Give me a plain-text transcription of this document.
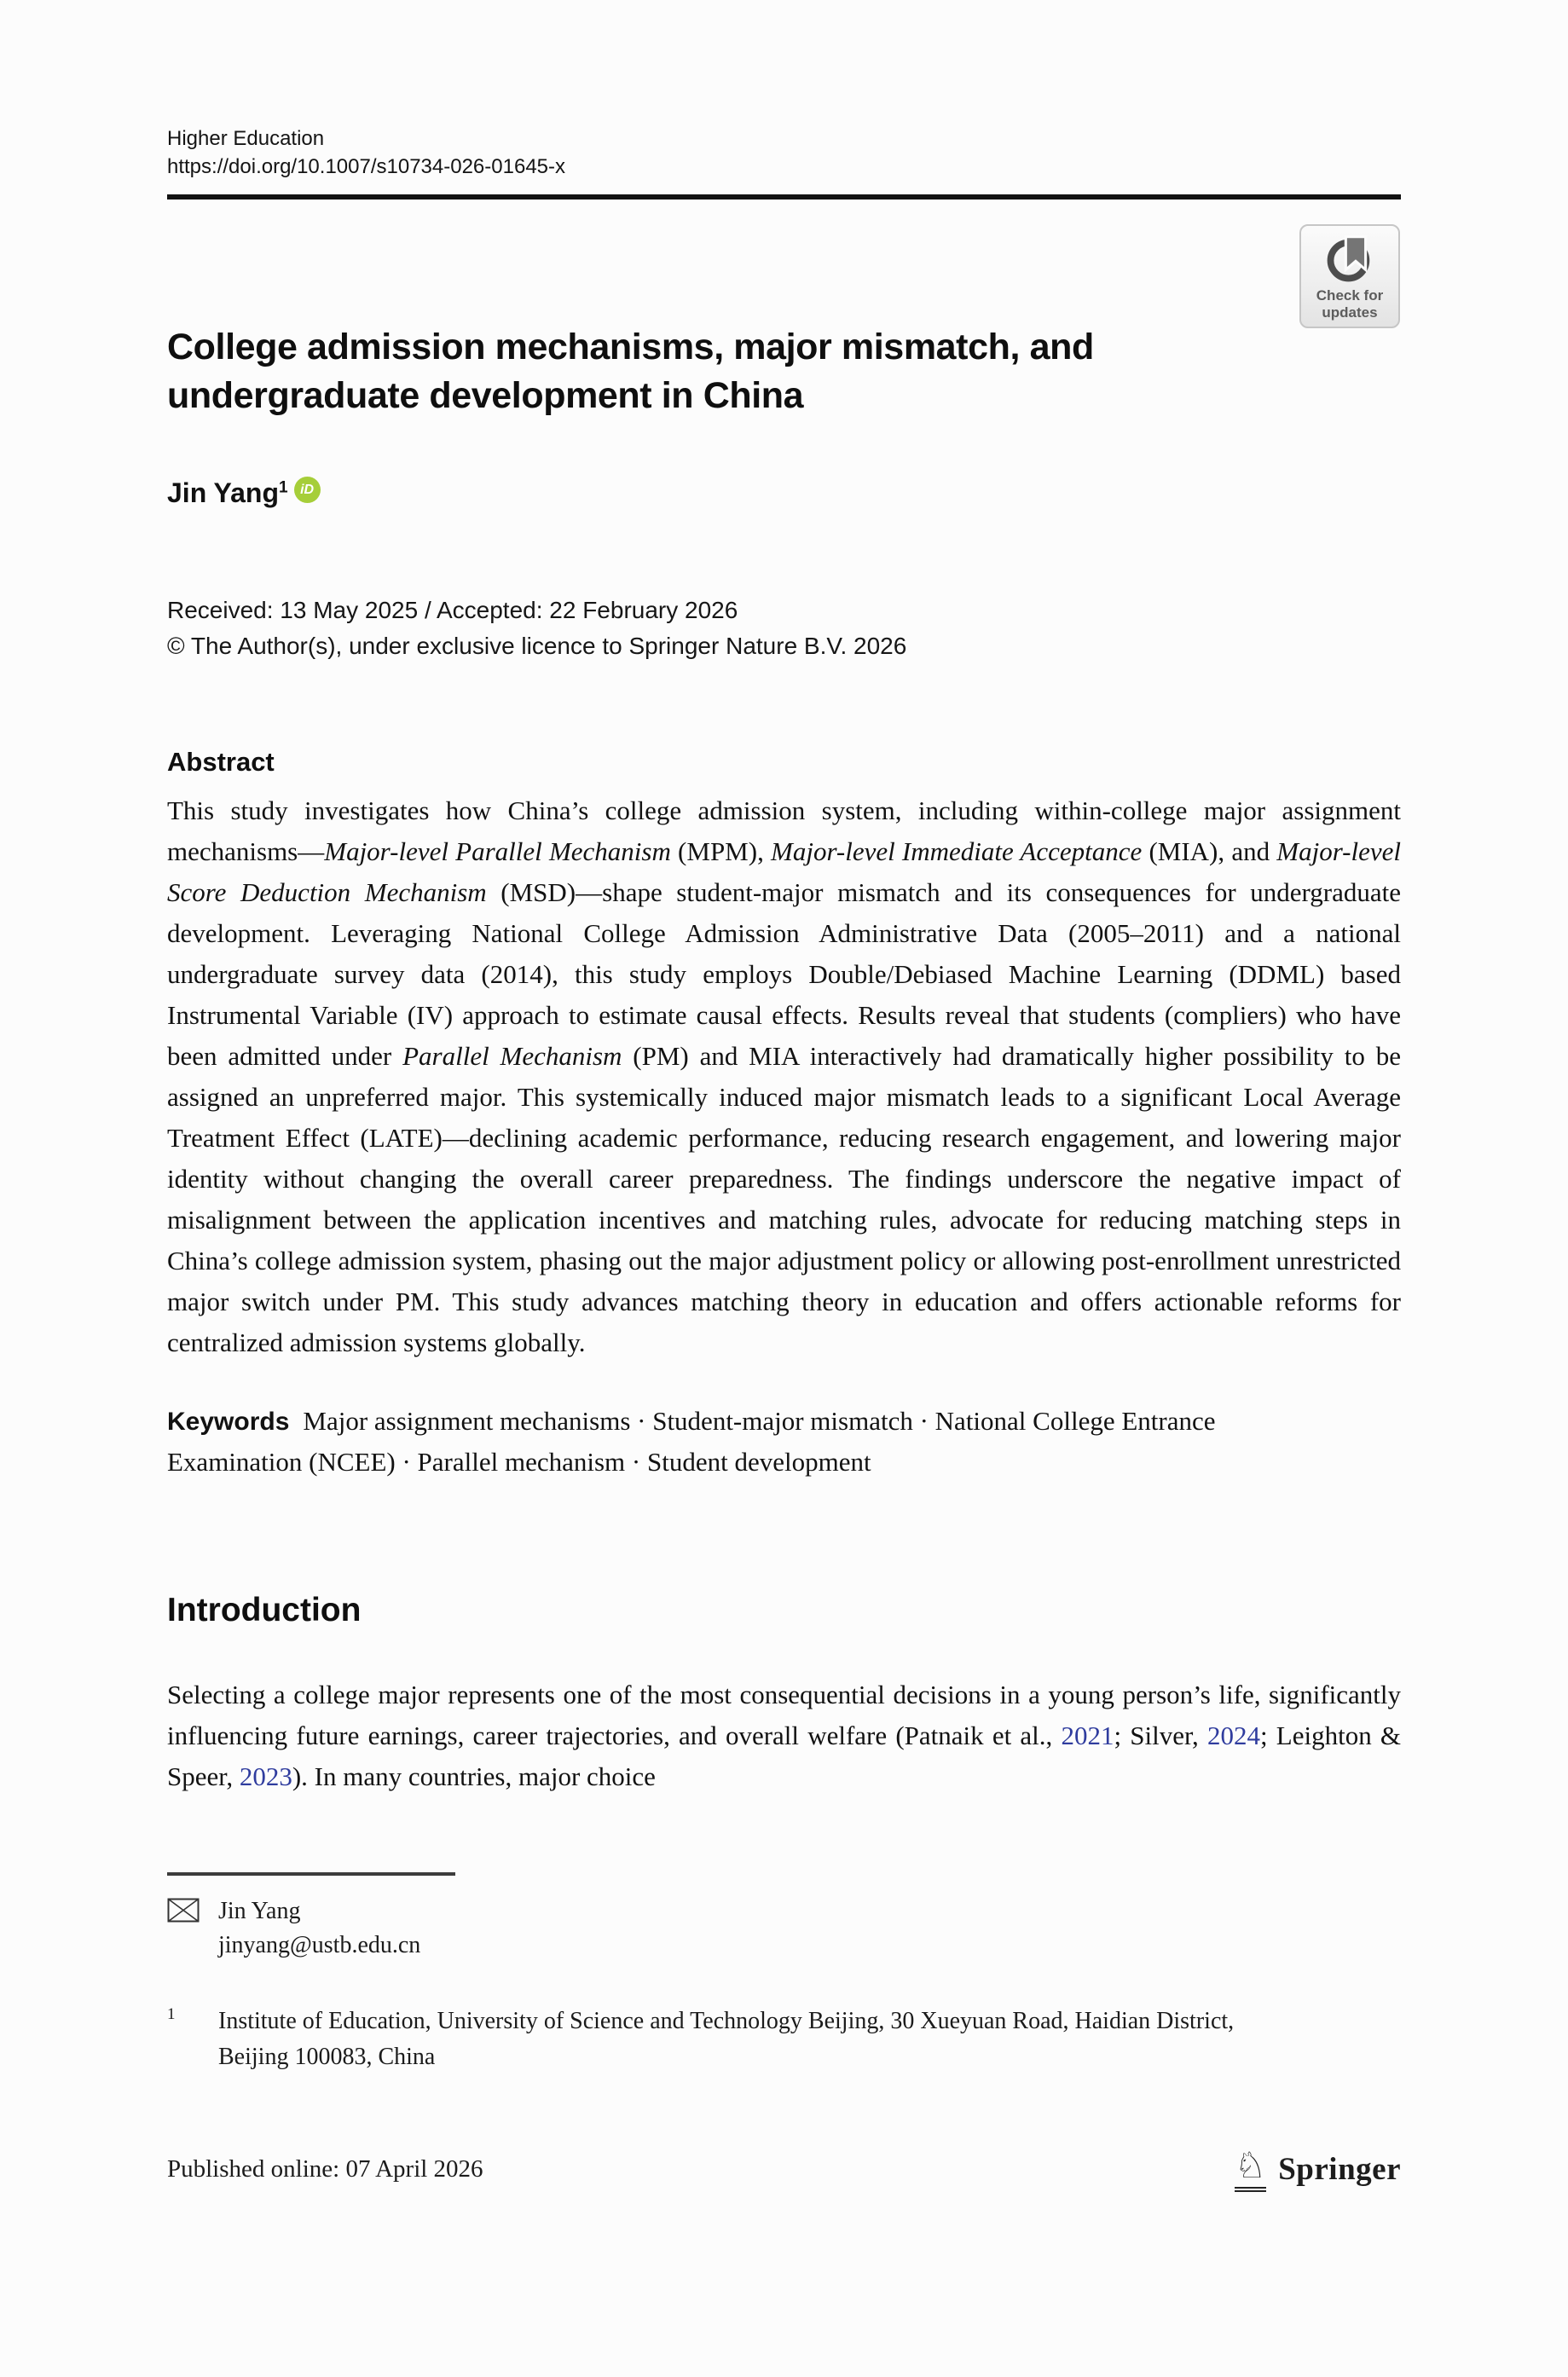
Check for
updates
Higher Education
https://doi.org/10.1007/s10734-026-01645-x
College admission mechanisms, major mismatch, and undergraduate development in China
Jin Yang$^1$ iD
Received: 13 May 2025 / Accepted: 22 February 2026
© The Author(s), under exclusive licence to Springer Nature B.V. 2026
Abstract

This study investigates how China’s college admission system, including within-college major assignment mechanisms—Major-level Parallel Mechanism (MPM), Major-level Immediate Acceptance (MIA), and Major-level Score Deduction Mechanism (MSD)—shape student-major mismatch and its consequences for undergraduate development. Leveraging National College Admission Administrative Data (2005–2011) and a national undergraduate survey data (2014), this study employs Double/Debiased Machine Learning (DDML) based Instrumental Variable (IV) approach to estimate causal effects. Results reveal that students (compliers) who have been admitted under Parallel Mechanism (PM) and MIA interactively had dramatically higher possibility to be assigned an unpreferred major. This systemically induced major mismatch leads to a significant Local Average Treatment Effect (LATE)—declining academic performance, reducing research engagement, and lowering major identity without changing the overall career preparedness. The findings underscore the negative impact of misalignment between the application incentives and matching rules, advocate for reducing matching steps in China’s college admission system, phasing out the major adjustment policy or allowing post-enrollment unrestricted major switch under PM. This study advances matching theory in education and offers actionable reforms for centralized admission systems globally.

Keywords Major assignment mechanisms · Student-major mismatch · National College Entrance Examination (NCEE) · Parallel mechanism · Student development

Introduction

Selecting a college major represents one of the most consequential decisions in a young person’s life, significantly influencing future earnings, career trajectories, and overall welfare (Patnaik et al., 2021; Silver, 2024; Leighton & Speer, 2023). In many countries, major choice

Jin Yang
jinyang@ustb.edu.cn
1	Institute of Education, University of Science and Technology Beijing, 30 Xueyuan Road, Haidian District, Beijing 100083, China
Published online: 07 April 2026	♘ Springer
